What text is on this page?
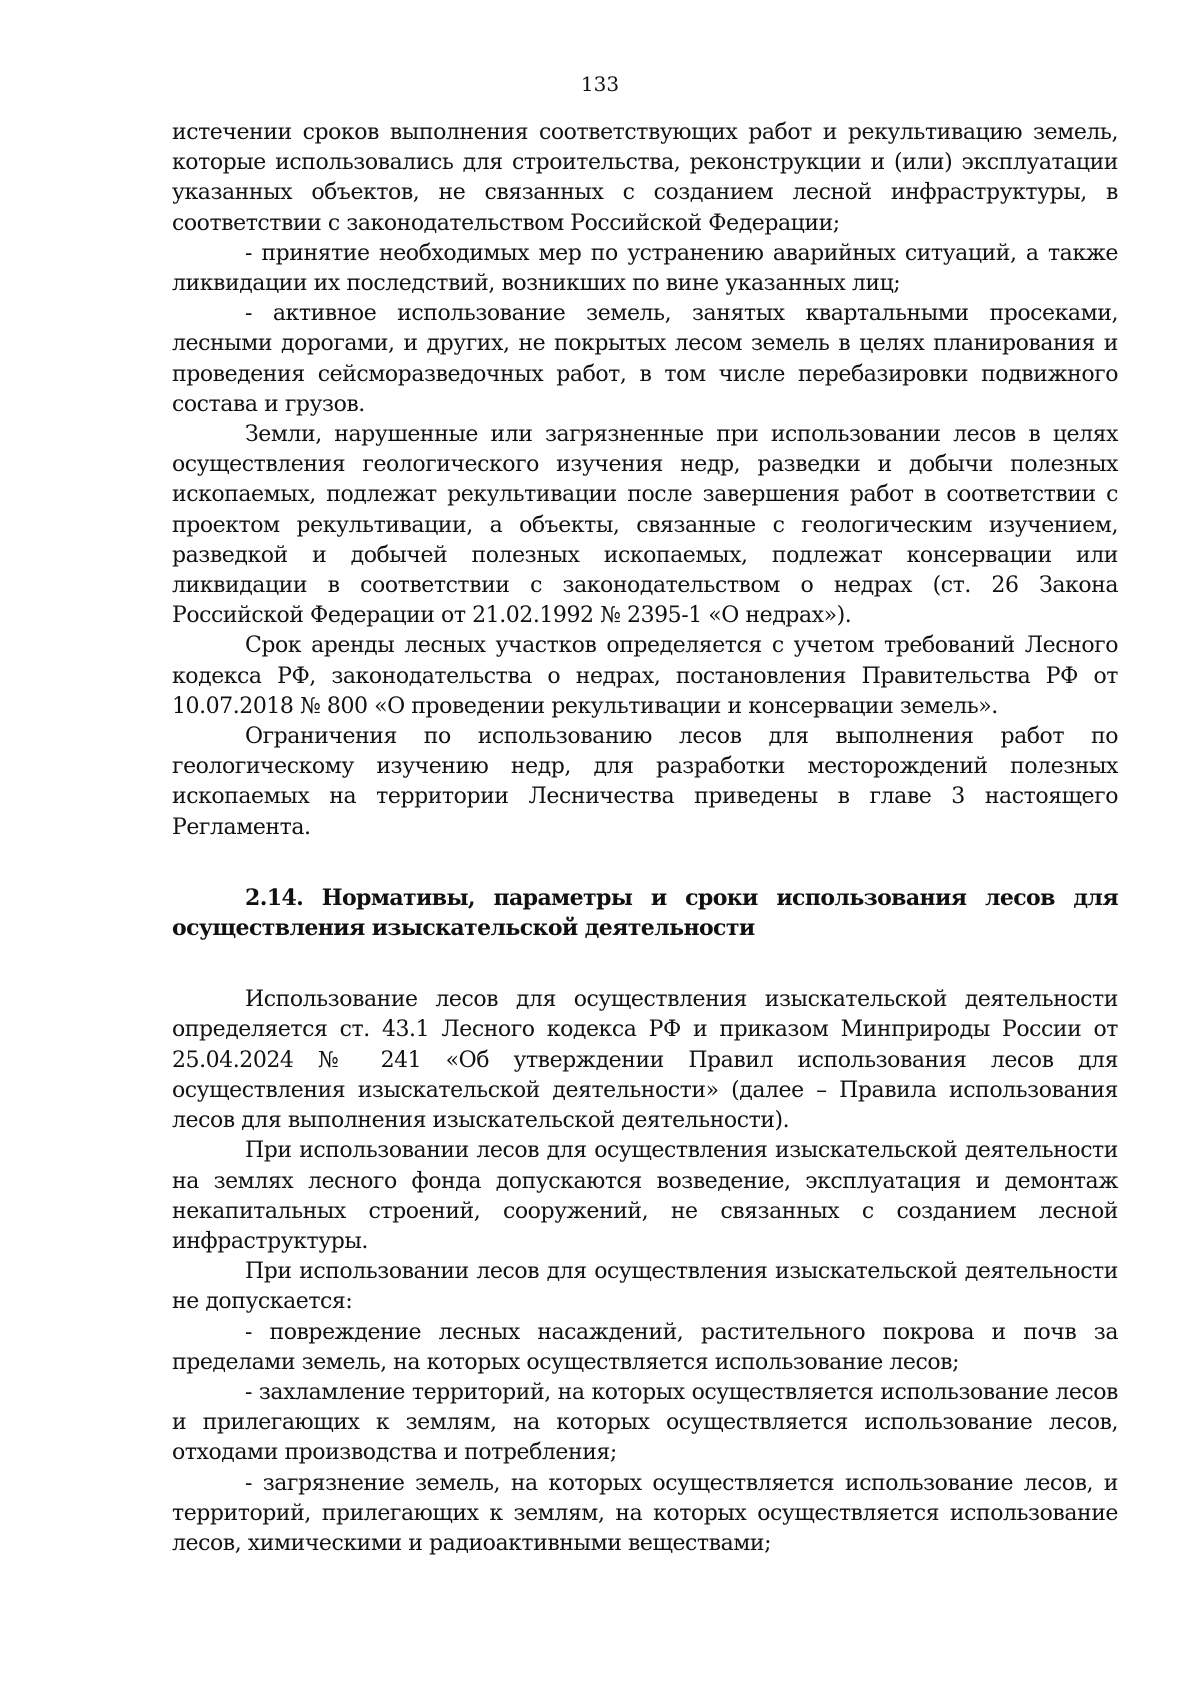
133

истечении сроков выполнения соответствующих работ и рекультивацию земель, которые использовались для строительства, реконструкции и (или) эксплуатации указанных объектов, не связанных с созданием лесной инфраструктуры, в соответствии с законодательством Российской Федерации;

- принятие необходимых мер по устранению аварийных ситуаций, а также ликвидации их последствий, возникших по вине указанных лиц;

- активное использование земель, занятых квартальными просеками, лесными дорогами, и других, не покрытых лесом земель в целях планирования и проведения сейсморазведочных работ, в том числе перебазировки подвижного состава и грузов.

Земли, нарушенные или загрязненные при использовании лесов в целях осуществления геологического изучения недр, разведки и добычи полезных ископаемых, подлежат рекультивации после завершения работ в соответствии с проектом рекультивации, а объекты, связанные с геологическим изучением, разведкой и добычей полезных ископаемых, подлежат консервации или ликвидации в соответствии с законодательством о недрах (ст. 26 Закона Российской Федерации от 21.02.1992 № 2395-1 «О недрах»).

Срок аренды лесных участков определяется с учетом требований Лесного кодекса РФ, законодательства о недрах, постановления Правительства РФ от 10.07.2018 № 800 «О проведении рекультивации и консервации земель».

Ограничения по использованию лесов для выполнения работ по геологическому изучению недр, для разработки месторождений полезных ископаемых на территории Лесничества приведены в главе 3 настоящего Регламента.

2.14. Нормативы, параметры и сроки использования лесов для осуществления изыскательской деятельности

Использование лесов для осуществления изыскательской деятельности определяется ст. 43.1 Лесного кодекса РФ и приказом Минприроды России от 25.04.2024 № 241 «Об утверждении Правил использования лесов для осуществления изыскательской деятельности» (далее – Правила использования лесов для выполнения изыскательской деятельности).

При использовании лесов для осуществления изыскательской деятельности на землях лесного фонда допускаются возведение, эксплуатация и демонтаж некапитальных строений, сооружений, не связанных с созданием лесной инфраструктуры.

При использовании лесов для осуществления изыскательской деятельности не допускается:

- повреждение лесных насаждений, растительного покрова и почв за пределами земель, на которых осуществляется использование лесов;

- захламление территорий, на которых осуществляется использование лесов и прилегающих к землям, на которых осуществляется использование лесов, отходами производства и потребления;

- загрязнение земель, на которых осуществляется использование лесов, и территорий, прилегающих к землям, на которых осуществляется использование лесов, химическими и радиоактивными веществами;
